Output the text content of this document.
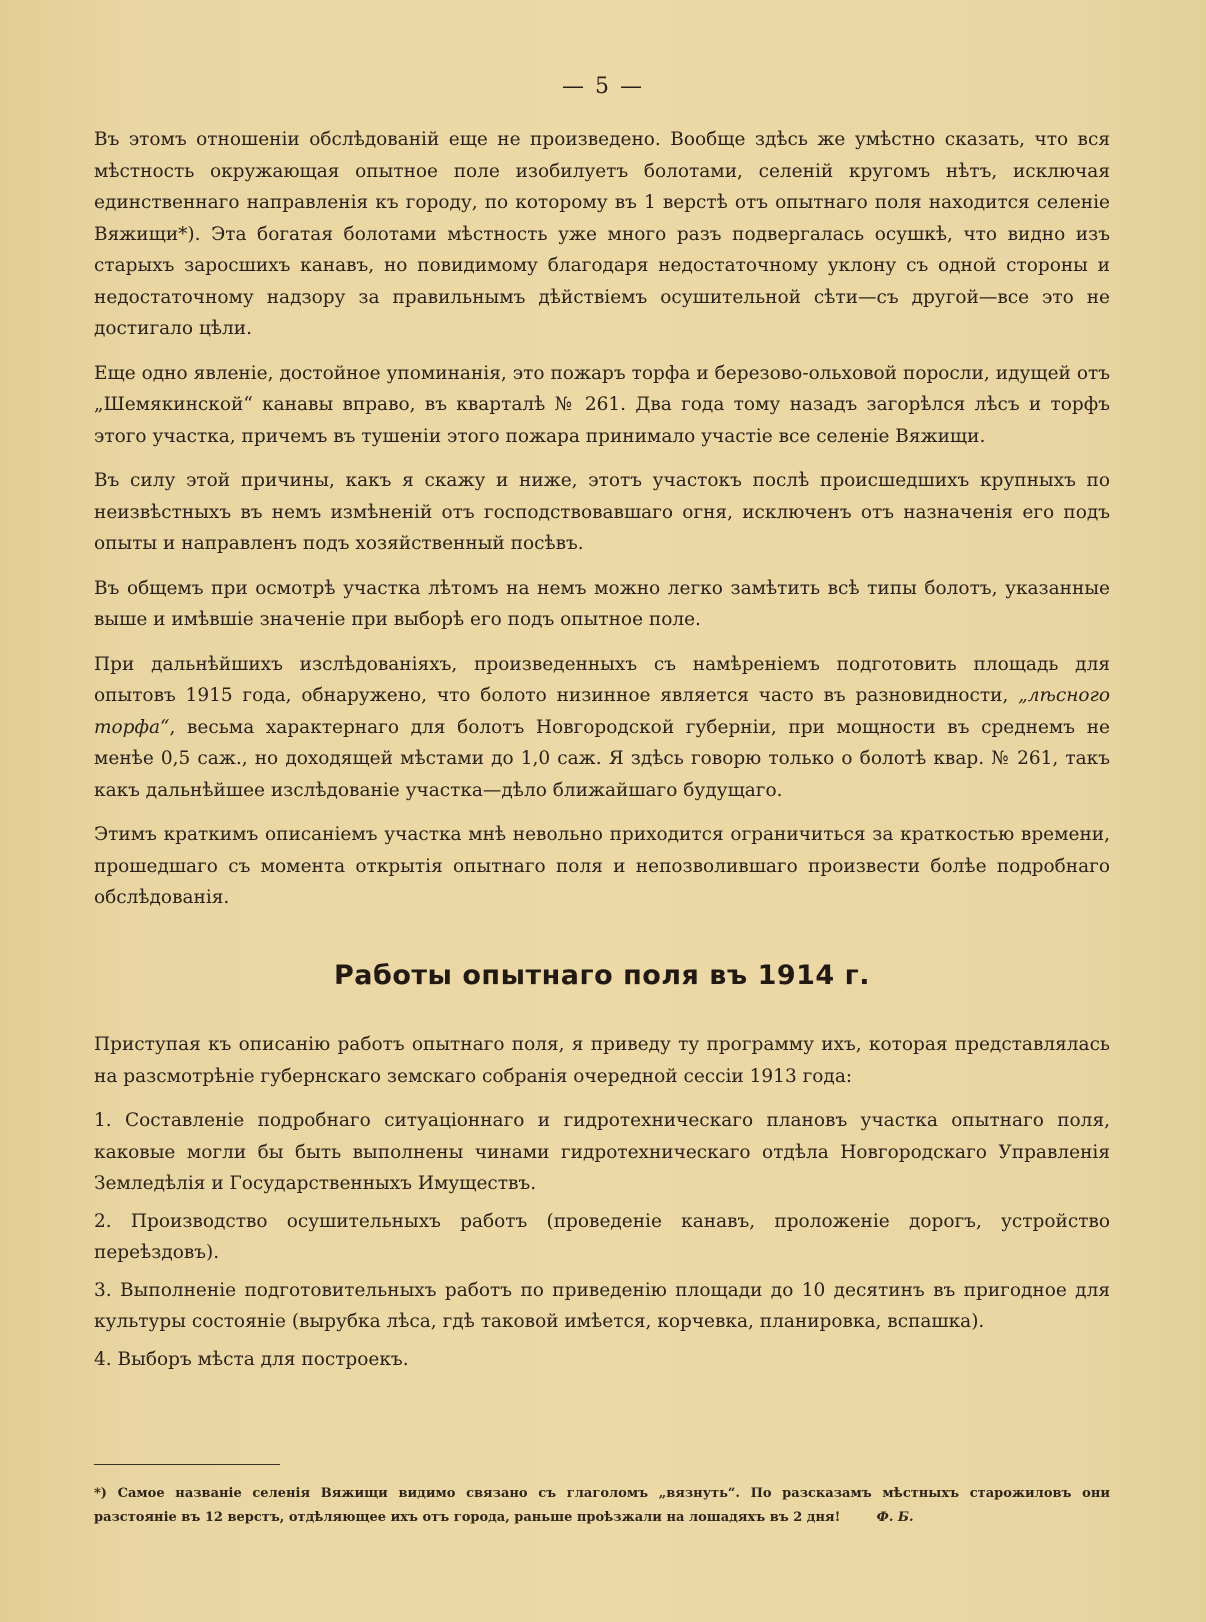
— 5 —

Въ этомъ отношенiи обслѣдованiй еще не произведено. Вообще здѣсь же умѣстно сказать, что вся мѣстность окружающая опытное поле изобилуетъ болотами, селенiй кругомъ нѣтъ, исключая единственнаго направленiя къ городу, по которому въ 1 верстѣ отъ опытнаго поля находится селенiе Вяжищи*). Эта богатая болотами мѣстность уже много разъ подвергалась осушкѣ, что видно изъ старыхъ заросшихъ канавъ, но повидимому благодаря недостаточному уклону съ одной стороны и недостаточному надзору за правильнымъ дѣйствiемъ осушительной сѣти—съ другой—все это не достигало цѣли.

Еще одно явленiе, достойное упоминанiя, это пожаръ торфа и березово-ольховой поросли, идущей отъ „Шемякинской“ канавы вправо, въ кварталѣ № 261. Два года тому назадъ загорѣлся лѣсъ и торфъ этого участка, причемъ въ тушенiи этого пожара принимало участiе все селенiе Вяжищи.

Въ силу этой причины, какъ я скажу и ниже, этотъ участокъ послѣ происшедшихъ крупныхъ по неизвѣстныхъ въ немъ измѣненiй отъ господствовавшаго огня, исключенъ отъ назначенiя его подъ опыты и направленъ подъ хозяйственный посѣвъ.

Въ общемъ при осмотрѣ участка лѣтомъ на немъ можно легко замѣтить всѣ типы болотъ, указанные выше и имѣвшiе значенiе при выборѣ его подъ опытное поле.

При дальнѣйшихъ изслѣдованiяхъ, произведенныхъ съ намѣренiемъ подготовить площадь для опытовъ 1915 года, обнаружено, что болото низинное является часто въ разновидности, „лѣсного торфа“, весьма характернаго для болотъ Новгородской губернiи, при мощности въ среднемъ не менѣе 0,5 саж., но доходящей мѣстами до 1,0 саж. Я здѣсь говорю только о болотѣ квар. № 261, такъ какъ дальнѣйшее изслѣдованiе участка—дѣло ближайшаго будущаго.

Этимъ краткимъ описанiемъ участка мнѣ невольно приходится ограничиться за краткостью времени, прошедшаго съ момента открытiя опытнаго поля и непозволившаго произвести болѣе подробнаго обслѣдованiя.

Работы опытнаго поля въ 1914 г.

Приступая къ описанiю работъ опытнаго поля, я приведу ту программу ихъ, которая представлялась на разсмотрѣнiе губернскаго земскаго собранiя очередной сессiи 1913 года:

1. Составленiе подробнаго ситуацiоннаго и гидротехническаго плановъ участка опытнаго поля, каковые могли бы быть выполнены чинами гидротехническаго отдѣла Новгородскаго Управленiя Земледѣлiя и Государственныхъ Имуществъ.
2. Производство осушительныхъ работъ (проведенiе канавъ, проложенiе дорогъ, устройство переѣздовъ).
3. Выполненiе подготовительныхъ работъ по приведенiю площади до 10 десятинъ въ пригодное для культуры состоянiе (вырубка лѣса, гдѣ таковой имѣется, корчевка, планировка, вспашка).
4. Выборъ мѣста для построекъ.
*) Самое названiе селенiя Вяжищи видимо связано съ глаголомъ „вязнуть“. По разсказамъ мѣстныхъ старожиловъ они разстоянiе въ 12 верстъ, отдѣляющее ихъ отъ города, раньше проѣзжали на лошадяхъ въ 2 дня!	Ф. Б.
